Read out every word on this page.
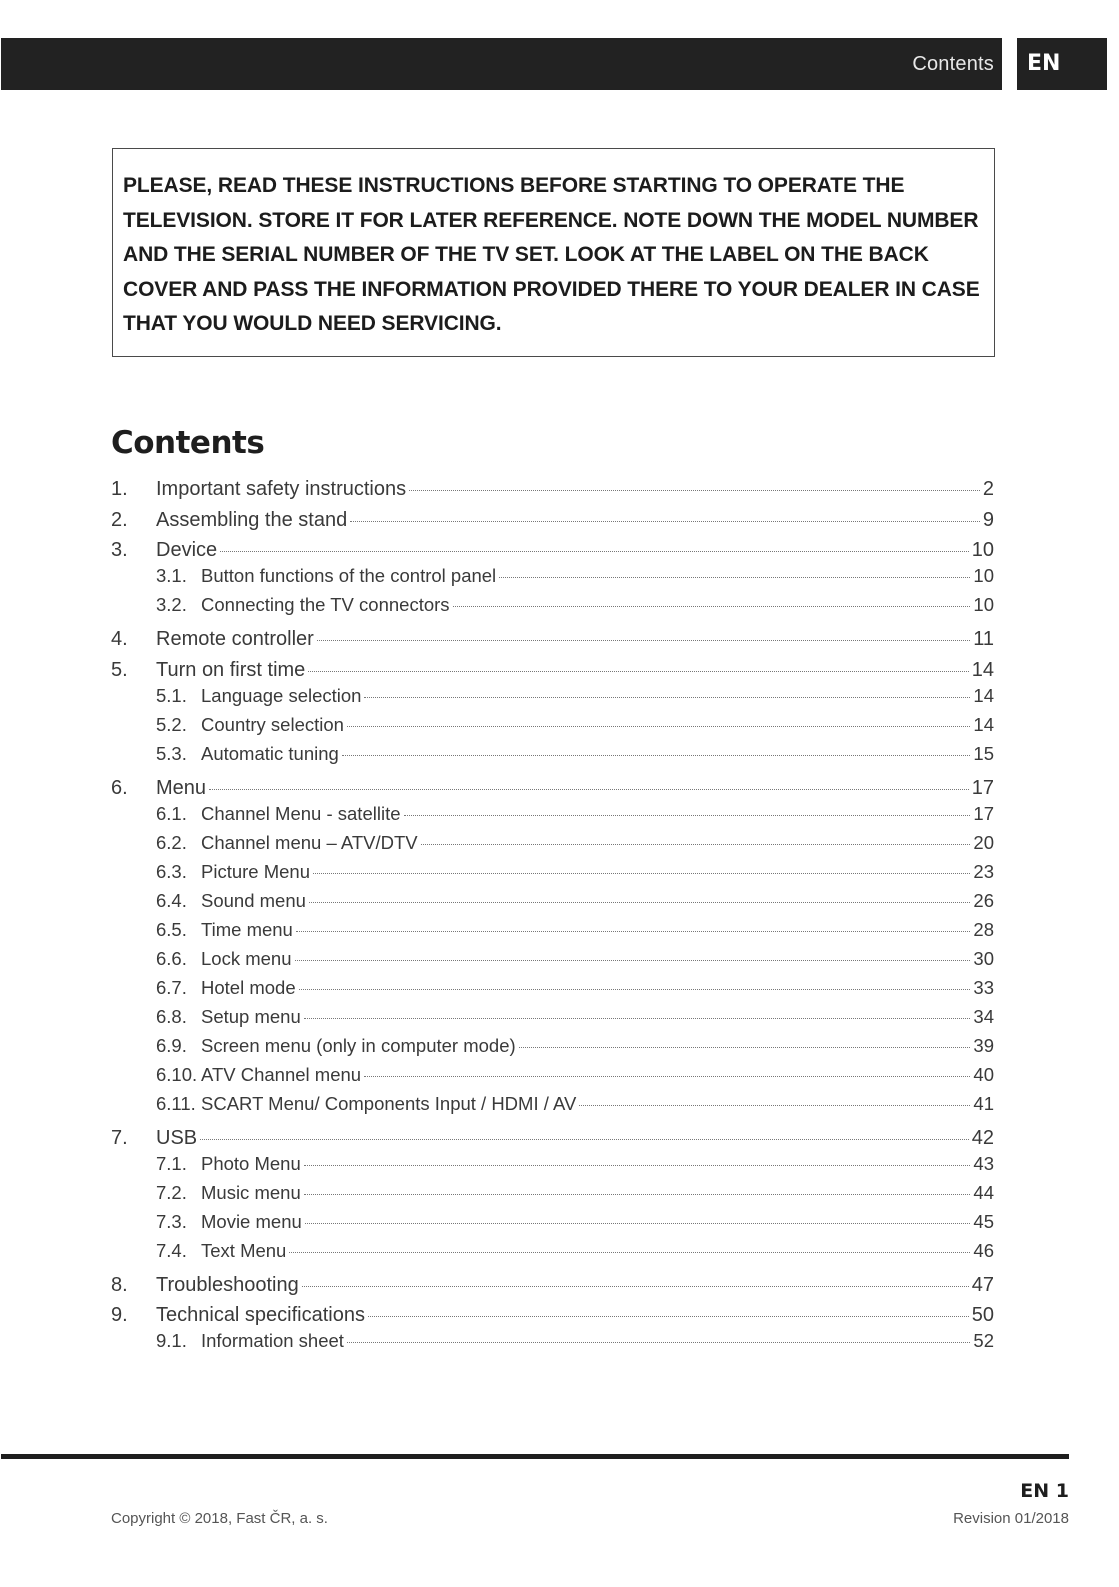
Contents	EN
PLEASE, READ THESE INSTRUCTIONS BEFORE STARTING TO OPERATE THE
TELEVISION. STORE IT FOR LATER REFERENCE. NOTE DOWN THE MODEL NUMBER
AND THE SERIAL NUMBER OF THE TV SET. LOOK AT THE LABEL ON THE BACK
COVER AND PASS THE INFORMATION PROVIDED THERE TO YOUR DEALER IN CASE
THAT YOU WOULD NEED SERVICING.
Contents
1.	Important safety instructions	2
2.	Assembling the stand	9
3.	Device	10
3.1. Button functions of the control panel	10
3.2. Connecting the TV connectors	10
4.	Remote controller	11
5.	Turn on first time	14
5.1. Language selection	14
5.2. Country selection	14
5.3. Automatic tuning	15
6.	Menu	17
6.1. Channel Menu - satellite	17
6.2. Channel menu – ATV/DTV	20
6.3. Picture Menu	23
6.4. Sound menu	26
6.5. Time menu	28
6.6. Lock menu	30
6.7. Hotel mode	33
6.8. Setup menu	34
6.9. Screen menu (only in computer mode)	39
6.10. ATV Channel menu	40
6.11. SCART Menu/ Components Input / HDMI / AV	41
7.	USB	42
7.1. Photo Menu	43
7.2. Music menu	44
7.3. Movie menu	45
7.4. Text Menu	46
8.	Troubleshooting	47
9.	Technical specifications	50
9.1. Information sheet	52
EN 1
Copyright © 2018, Fast ČR, a. s.	Revision 01/2018
